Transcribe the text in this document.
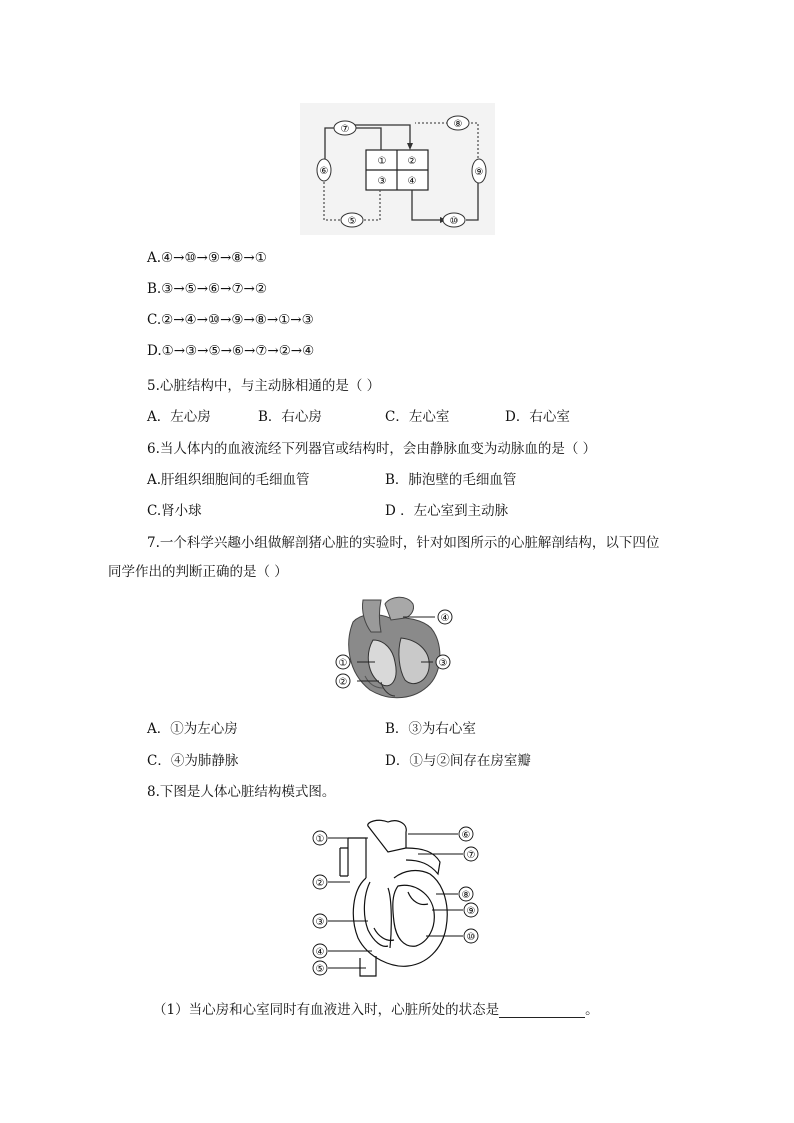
⑦	⑧
⑥	⑨
⑤	⑩
① ②
③ ④
A.④→⑩→⑨→⑧→①
B.③→⑤→⑥→⑦→②
C.②→④→⑩→⑨→⑧→①→③
D.①→③→⑤→⑥→⑦→②→④
5.心脏结构中，与主动脉相通的是（ ）
A．左心房	B．右心房	C．左心室	D．右心室
6.当人体内的血液流经下列器官或结构时，会由静脉血变为动脉血的是（ ）
A.肝组织细胞间的毛细血管	B．肺泡壁的毛细血管
C.肾小球	D ．左心室到主动脉
7.一个科学兴趣小组做解剖猪心脏的实验时，针对如图所示的心脏解剖结构，以下四位
同学作出的判断正确的是（ ）
④
①	③
②
A．①为左心房	B．③为右心室
C．④为肺静脉	D．①与②间存在房室瓣
8.下图是人体心脏结构模式图。
①	⑥
⑦
②
⑧
⑨
③
⑩
④
⑤
（1）当心房和心室同时有血液进入时，心脏所处的状态是	。
